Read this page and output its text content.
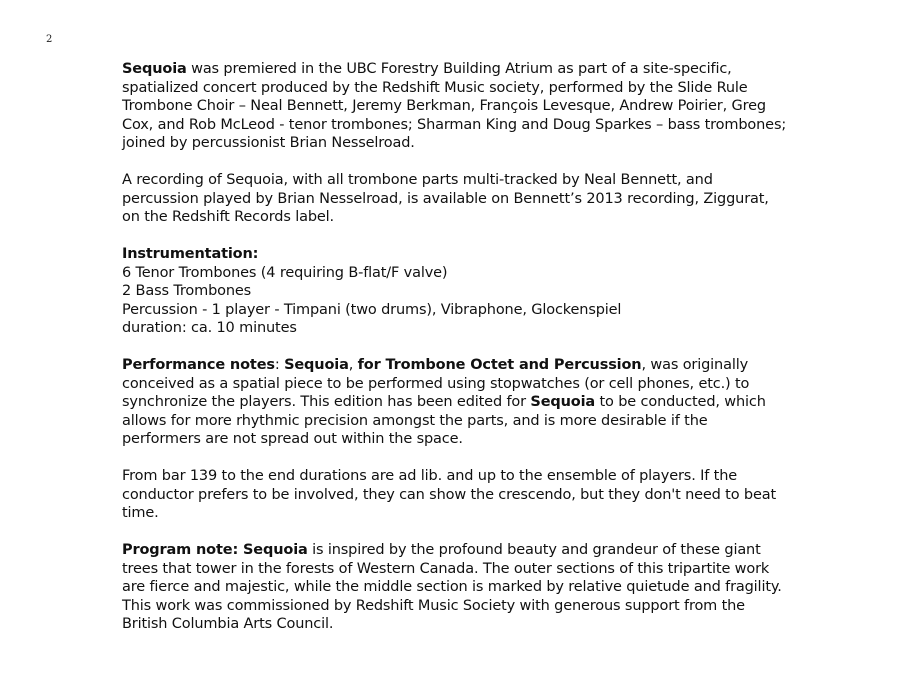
2

Sequoia was premiered in the UBC Forestry Building Atrium as part of a site-specific, spatialized concert produced by the Redshift Music society, performed by the Slide Rule Trombone Choir – Neal Bennett, Jeremy Berkman, François Levesque, Andrew Poirier, Greg Cox, and Rob McLeod - tenor trombones; Sharman King and Doug Sparkes – bass trombones; joined by percussionist Brian Nesselroad.

A recording of Sequoia, with all trombone parts multi-tracked by Neal Bennett, and percussion played by Brian Nesselroad, is available on Bennett’s 2013 recording, Ziggurat, on the Redshift Records label.

Instrumentation:
6 Tenor Trombones (4 requiring B-flat/F valve)
2 Bass Trombones
Percussion - 1 player - Timpani (two drums), Vibraphone, Glockenspiel
duration: ca. 10 minutes

Performance notes: Sequoia, for Trombone Octet and Percussion, was originally conceived as a spatial piece to be performed using stopwatches (or cell phones, etc.) to synchronize the players. This edition has been edited for Sequoia to be conducted, which allows for more rhythmic precision amongst the parts, and is more desirable if the performers are not spread out within the space.

From bar 139 to the end durations are ad lib. and up to the ensemble of players. If the conductor prefers to be involved, they can show the crescendo, but they don't need to beat time.

Program note: Sequoia is inspired by the profound beauty and grandeur of these giant trees that tower in the forests of Western Canada. The outer sections of this tripartite work are fierce and majestic, while the middle section is marked by relative quietude and fragility.

This work was commissioned by Redshift Music Society with generous support from the British Columbia Arts Council.
